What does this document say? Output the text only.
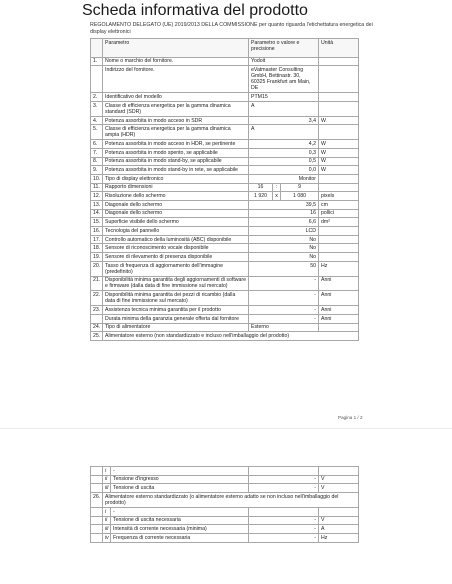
Scheda informativa del prodotto
REGOLAMENTO DELEGATO (UE) 2019/2013 DELLA COMMISSIONE per quanto riguarda l'etichettatura energetica dei display elettronici
	Parametro	Parametro o valore e precisione			Unità
1.	Nome o marchio del fornitore.	Yodoit			
	Indirizzo del fornitore.	eVatmaster Consulting GmbH, Bettinastr. 30, 60325 Frankfurt am Main, DE			
2.	Identificativo del modello	PTM15			
3.	Classe di efficienza energetica per la gamma dinamica standard (SDR)	A			
4.	Potenza assorbita in modo acceso in SDR	3,4			W
5.	Classe di efficienza energetica per la gamma dinamica ampia (HDR)	A			
6.	Potenza assorbita in modo acceso in HDR, se pertinente	4,2			W
7.	Potenza assorbita in modo spento, se applicabile	0,3			W
8.	Potenza assorbita in modo stand-by, se applicabile	0,5			W
9.	Potenza assorbita in modo stand-by in rete, se applicabile	0,0			W
10.	Tipo di display elettronico	Monitor			
11.	Rapporto dimensioni	16	:	9	
12.	Risoluzione dello schermo	1 920	x	1 080	pixels
13.	Diagonale dello schermo	39,5			cm
14.	Diagonale dello schermo	16			pollici
15.	Superficie visibile dello schermo	6,6			dm²
16.	Tecnologia del pannello	LCD			
17.	Controllo automatico della luminosità (ABC) disponibile	No			
18.	Sensore di riconoscimento vocale disponibile	No			
19.	Sensore di rilevamento di presenza disponibile	No			
20.	Tasso di frequenza di aggiornamento dell'immagine (predefinito)	50			Hz
21.	Disponibilità minima garantita degli aggiornamenti di software e firmware (dalla data di fine immissione sul mercato)	-			Anni
22.	Disponibilità minima garantita dei pezzi di ricambio (dalla data di fine immissione sul mercato)	-			Anni
23.	Assistenza tecnica minima garantita per il prodotto	-			Anni
	Durata minima della garanzia generale offerta dal fornitore	-			Anni
24.	Tipo di alimentatore	Esterno			
25.	Alimentatore esterno (non standardizzato e incluso nell'imballaggio del prodotto)				
Pagina 1 / 2
	i	-		
	ii	Tensione d'ingresso	-	V
	iii	Tensione di uscita	-	V
26.	Alimentatore esterno standardizzato (o alimentatore esterno adatto se non incluso nell'imballaggio del prodotto)			
	i	-		
	ii	Tensione di uscita necessaria	-	V
	iii	Intensità di corrente necessaria (minima)	-	A
	iv	Frequenza di corrente necessaria	-	Hz
